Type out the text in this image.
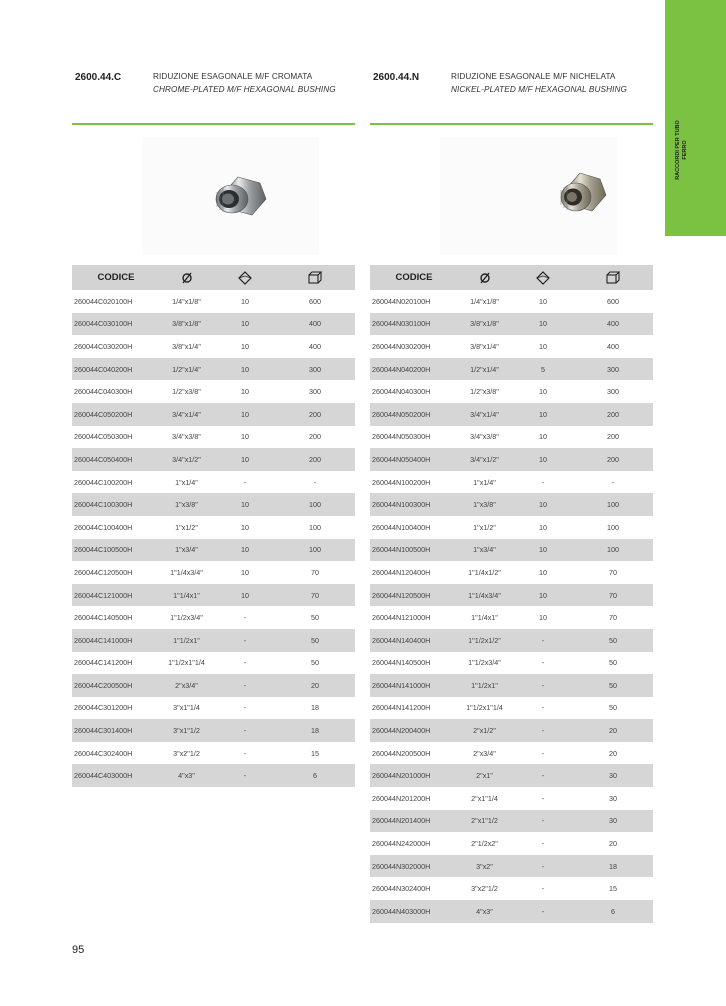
RACCORDI PER TUBO FERRO
2600.44.C	RIDUZIONE ESAGONALE M/F CROMATA
CHROME-PLATED M/F HEXAGONAL BUSHING
CODICE
260044C020100H	1/4"x1/8"	10	600
260044C030100H	3/8"x1/8"	10	400
260044C030200H	3/8"x1/4"	10	400
260044C040200H	1/2"x1/4"	10	300
260044C040300H	1/2"x3/8"	10	300
260044C050200H	3/4"x1/4"	10	200
260044C050300H	3/4"x3/8"	10	200
260044C050400H	3/4"x1/2"	10	200
260044C100200H	1"x1/4"	-	-
260044C100300H	1"x3/8"	10	100
260044C100400H	1"x1/2"	10	100
260044C100500H	1"x3/4"	10	100
260044C120500H	1"1/4x3/4"	10	70
260044C121000H	1"1/4x1"	10	70
260044C140500H	1"1/2x3/4"	-	50
260044C141000H	1"1/2x1"	-	50
260044C141200H	1"1/2x1"1/4	-	50
260044C200500H	2"x3/4"	-	20
260044C301200H	3"x1"1/4	-	18
260044C301400H	3"x1"1/2	-	18
260044C302400H	3"x2"1/2	-	15
260044C403000H	4"x3"	-	6
2600.44.N	RIDUZIONE ESAGONALE M/F NICHELATA
NICKEL-PLATED M/F HEXAGONAL BUSHING
CODICE
260044N020100H	1/4"x1/8"	10	600
260044N030100H	3/8"x1/8"	10	400
260044N030200H	3/8"x1/4"	10	400
260044N040200H	1/2"x1/4"	5	300
260044N040300H	1/2"x3/8"	10	300
260044N050200H	3/4"x1/4"	10	200
260044N050300H	3/4"x3/8"	10	200
260044N050400H	3/4"x1/2"	10	200
260044N100200H	1"x1/4"	-	-
260044N100300H	1"x3/8"	10	100
260044N100400H	1"x1/2"	10	100
260044N100500H	1"x3/4"	10	100
260044N120400H	1"1/4x1/2"	10	70
260044N120500H	1"1/4x3/4"	10	70
260044N121000H	1"1/4x1"	10	70
260044N140400H	1"1/2x1/2"	-	50
260044N140500H	1"1/2x3/4"	-	50
260044N141000H	1"1/2x1"	-	50
260044N141200H	1"1/2x1"1/4	-	50
260044N200400H	2"x1/2"	-	20
260044N200500H	2"x3/4"	-	20
260044N201000H	2"x1"	-	30
260044N201200H	2"x1"1/4	-	30
260044N201400H	2"x1"1/2	-	30
260044N242000H	2"1/2x2"	-	20
260044N302000H	3"x2"	-	18
260044N302400H	3"x2"1/2	-	15
260044N403000H	4"x3"	-	6
95
